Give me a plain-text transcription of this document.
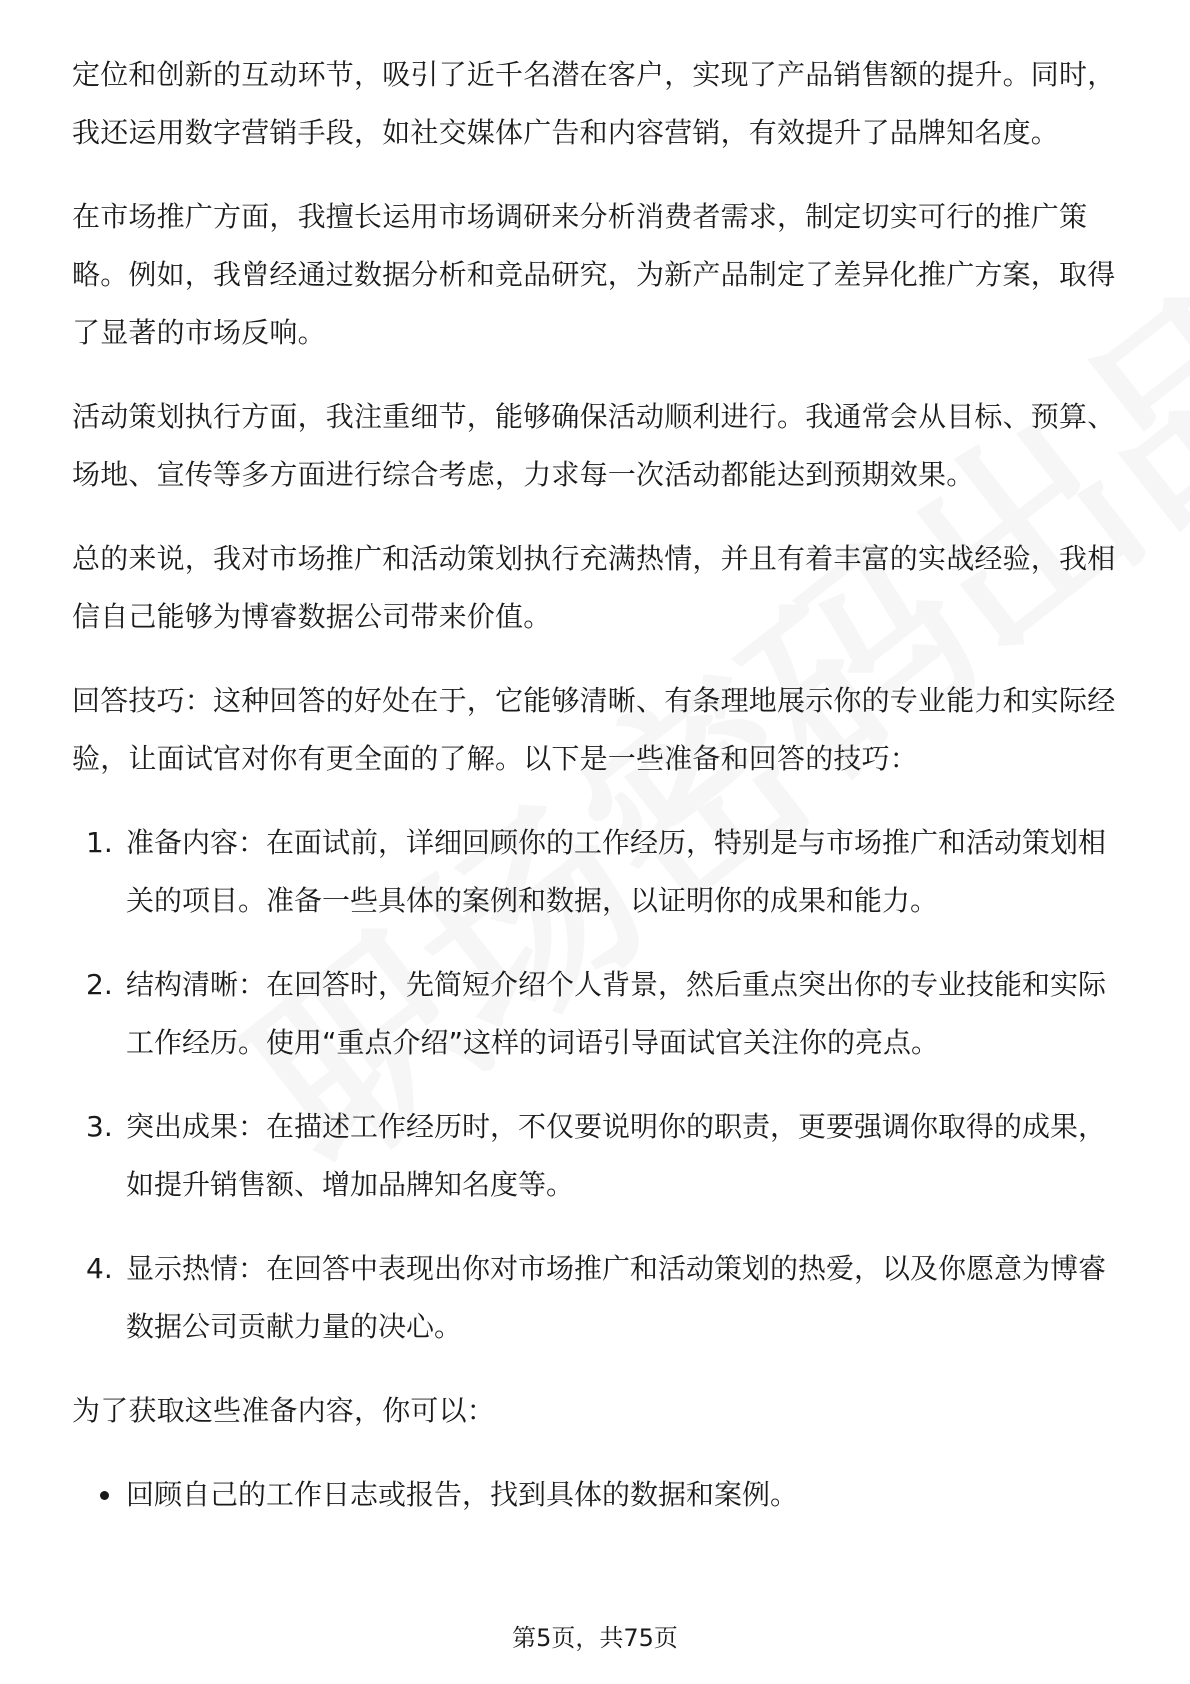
定位和创新的互动环节，吸引了近千名潜在客户，实现了产品销售额的提升。同时，我还运用数字营销手段，如社交媒体广告和内容营销，有效提升了品牌知名度。

在市场推广方面，我擅长运用市场调研来分析消费者需求，制定切实可行的推广策略。例如，我曾经通过数据分析和竞品研究，为新产品制定了差异化推广方案，取得了显著的市场反响。

活动策划执行方面，我注重细节，能够确保活动顺利进行。我通常会从目标、预算、场地、宣传等多方面进行综合考虑，力求每一次活动都能达到预期效果。

总的来说，我对市场推广和活动策划执行充满热情，并且有着丰富的实战经验，我相信自己能够为博睿数据公司带来价值。

回答技巧：这种回答的好处在于，它能够清晰、有条理地展示你的专业能力和实际经验，让面试官对你有更全面的了解。以下是一些准备和回答的技巧：

1. 准备内容：在面试前，详细回顾你的工作经历，特别是与市场推广和活动策划相关的项目。准备一些具体的案例和数据，以证明你的成果和能力。
2. 结构清晰：在回答时，先简短介绍个人背景，然后重点突出你的专业技能和实际工作经历。使用“重点介绍”这样的词语引导面试官关注你的亮点。
3. 突出成果：在描述工作经历时，不仅要说明你的职责，更要强调你取得的成果，如提升销售额、增加品牌知名度等。
4. 显示热情：在回答中表现出你对市场推广和活动策划的热爱，以及你愿意为博睿数据公司贡献力量的决心。

为了获取这些准备内容，你可以：

回顾自己的工作日志或报告，找到具体的数据和案例。
第5页，共75页
